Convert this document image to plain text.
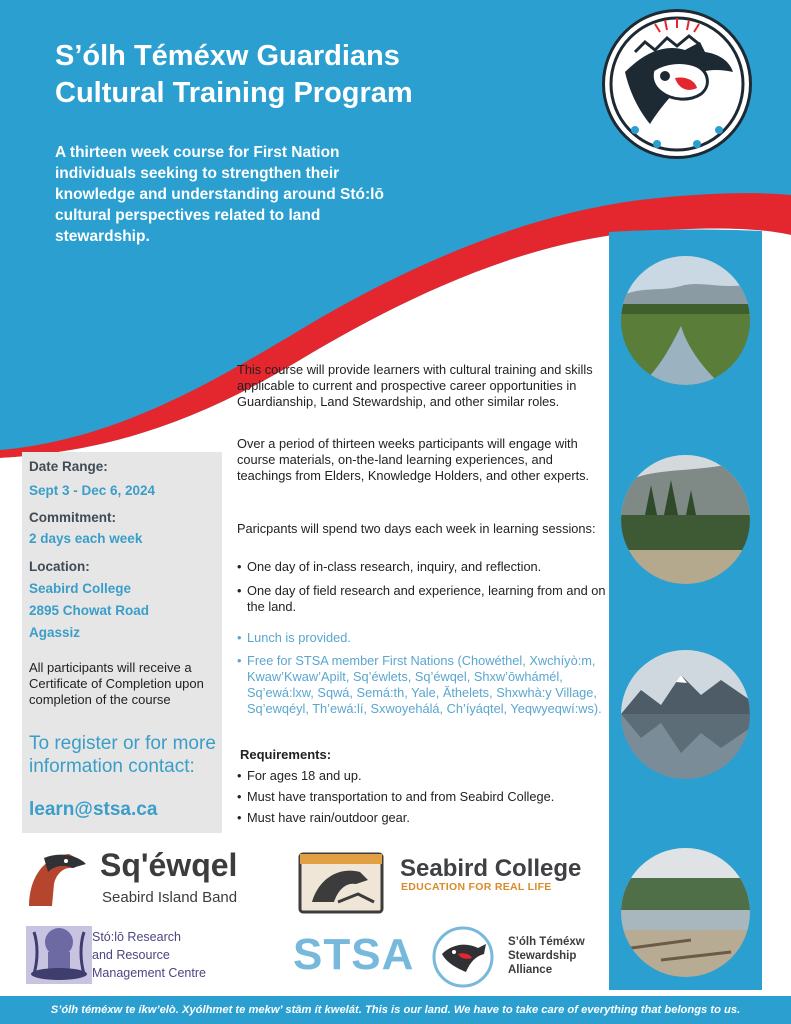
S’ólh Téméxw Guardians
Cultural Training Program

A thirteen week course for First Nation individuals seeking to strengthen their knowledge and understanding around Stó:lō cultural perspectives related to land stewardship.

Date Range:
Sept 3 - Dec 6, 2024
Commitment:
2 days each week
Location:
Seabird College
2895 Chowat Road
Agassiz
All participants will receive a Certificate of Completion upon completion of the course
To register or for more information contact:
learn@stsa.ca

This course will provide learners with cultural training and skills applicable to current and prospective career opportunities in Guardianship, Land Stewardship, and other similar roles.

Over a period of thirteen weeks participants will engage with course materials, on-the-land learning experiences, and teachings from Elders, Knowledge Holders, and other experts.

Paricpants will spend two days each week in learning sessions:

• One day of in-class research, inquiry, and reflection.
• One day of field research and experience, learning from and on the land.
• Lunch is provided.
• Free for STSA member First Nations (Chowéthel, Xwchíyò:m, Kwaw’Kwaw’Apilt, Sq’éwlets, Sq’éwqel, Shxw’ōwhámél, Sq’ewá:lxw, Sqwá, Semá:th, Yale, Ăthelets, Shxwhà:y Village, Sq’ewqéyl, Th’ewá:lí, Sxwoyehálá, Ch’íyáqtel, Yeqwyeqwí:ws).
Requirements:
• For ages 18 and up.
• Must have transportation to and from Seabird College.
• Must have rain/outdoor gear.
Sq'éwqel
Seabird Island Band
Seabird College
EDUCATION FOR REAL LIFE
Stó:lō Research
and Resource
Management Centre STSA	S’ólh Téméxw
Stewardship
Alliance
S’ólh téméxw te íkw’elò. Xyólhmet te mekw’ stām ít kwelát. This is our land. We have to take care of everything that belongs to us.
